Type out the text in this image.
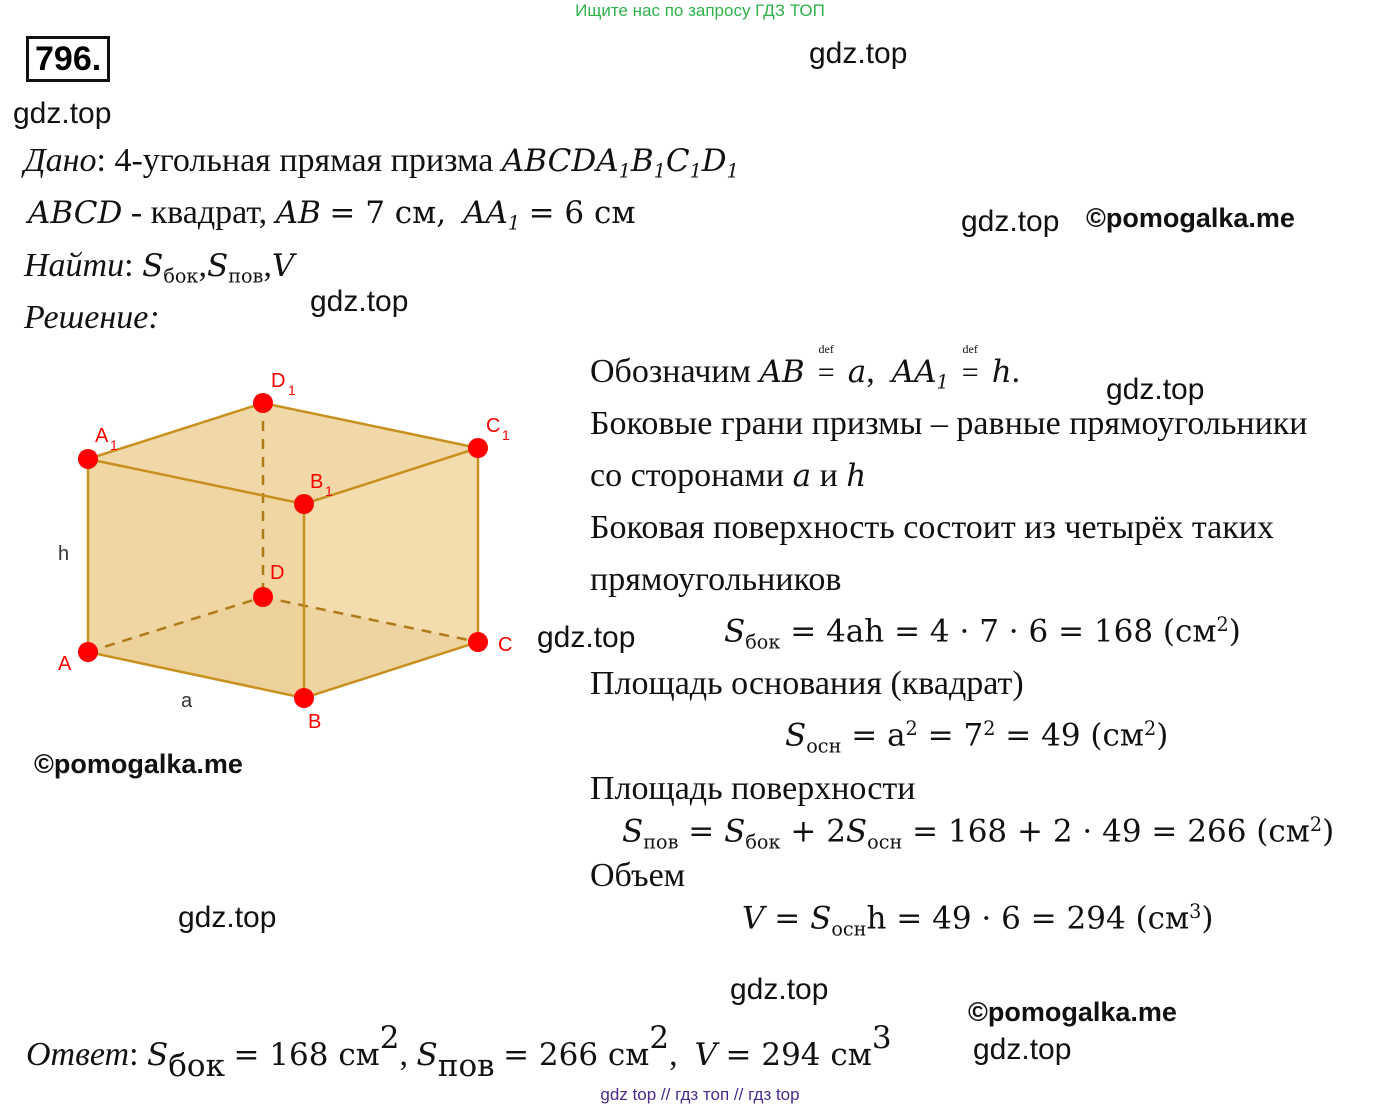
Ищите нас по запросу ГДЗ ТОП
796.	gdz.top
gdz.top
gdz.top
gdz.top
gdz.top
gdz.top
gdz.top
gdz.top
gdz.top
©pomogalka.me
©pomogalka.me
©pomogalka.me
Дано: 4-угольная прямая призма $ABCDA_1B_1C_1D_1$
ABCD - квадрат, AB = 7 см, $AA_1 = 6$ см
Найти: $S_{бок},S_{пов},V$
Решение:
A
B
C
D
A 1
B 1
C 1
D 1
h
a
Обозначим AB
def
= a,  $AA_1$
def
= h.
Боковые грани призмы – равные прямоугольники
со сторонами a и h
Боковая поверхность состоит из четырёх таких
прямоугольников
$S_{бок} = 4ah = 4 \cdot 7 \cdot 6 = 168$ $(см^2)$
Площадь основания (квадрат)
$S_{осн} = a^2 = 7^2 = 49$ $(см^2)$
Площадь поверхности
$S_{пов} = S_{бок} + 2S_{осн} = 168 + 2 \cdot 49 = 266$ $(см^2)$
Объем
$V = S_{осн}h = 49 \cdot 6 = 294$ $(см^3)$
Ответ: $S_{бок} = 168$ $см^2$, $S_{пов} = 266$ $см^2$,  V = 294 $см^3$
gdz top // гдз топ // гдз top
